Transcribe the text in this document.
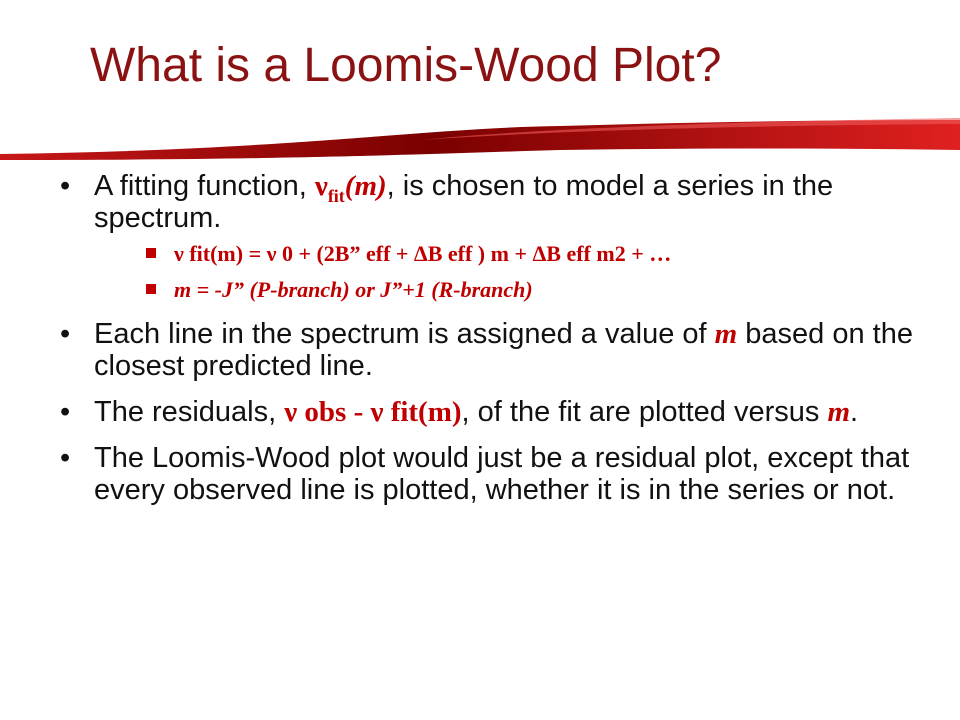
What is a Loomis-Wood Plot?
• A fitting function, $\nu_{fit}(m)$, is chosen to model a series in the spectrum.
ν fit(m) = ν 0 + (2B” eff + ΔB eff ) m + ΔB eff m2 + …
m = -J” (P-branch) or J”+1 (R-branch)
• Each line in the spectrum is assigned a value of m based on the closest predicted line.
• The residuals, ν obs - ν fit(m), of the fit are plotted versus m.
• The Loomis-Wood plot would just be a residual plot, except that every observed line is plotted, whether it is in the series or not.
